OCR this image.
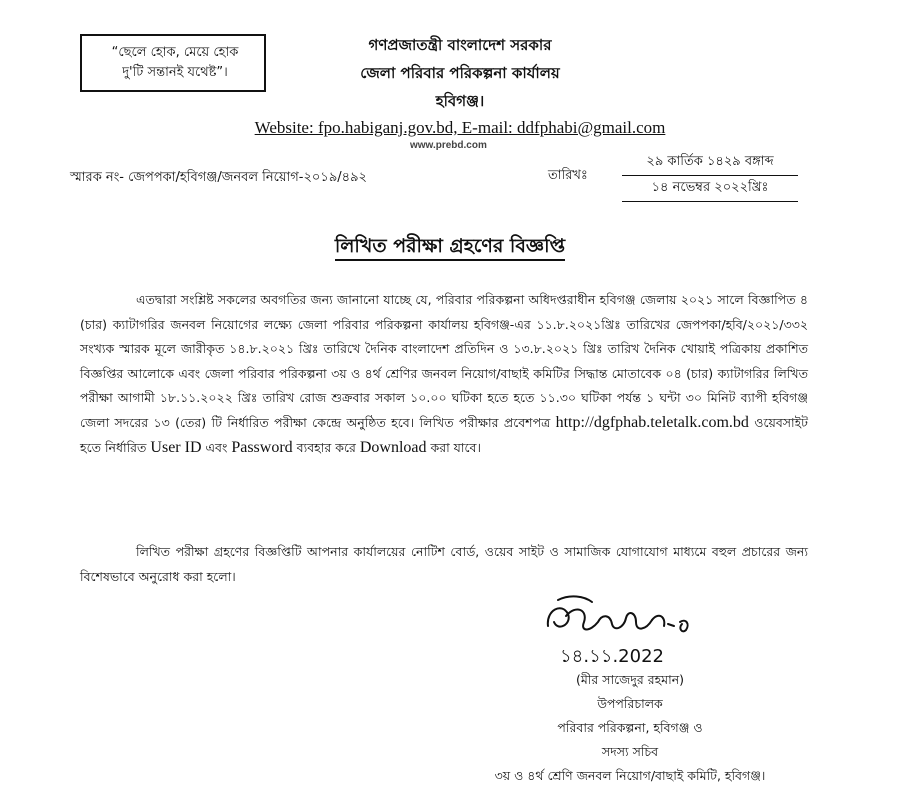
“ছেলে হোক, মেয়ে হোক
দু'টি সন্তানই যথেষ্ট”।
গণপ্রজাতন্ত্রী বাংলাদেশ সরকার
জেলা পরিবার পরিকল্পনা কার্যালয়
হবিগঞ্জ।
Website: fpo.habiganj.gov.bd, E-mail: ddfphabi@gmail.com
www.prebd.com
স্মারক নং- জেপপকা/হবিগঞ্জ/জনবল নিয়োগ-২০১৯/৪৯২	তারিখঃ
২৯ কার্তিক ১৪২৯ বঙ্গাব্দ
১৪ নভেম্বর ২০২২খ্রিঃ
লিখিত পরীক্ষা গ্রহণের বিজ্ঞপ্তি

এতদ্বারা সংশ্লিষ্ট সকলের অবগতির জন্য জানানো যাচ্ছে যে, পরিবার পরিকল্পনা অধিদপ্তরাধীন হবিগঞ্জ জেলায় ২০২১ সালে বিজ্ঞাপিত ৪ (চার) ক্যাটাগরির জনবল নিয়োগের লক্ষ্যে জেলা পরিবার পরিকল্পনা কার্যালয় হবিগঞ্জ-এর ১১.৮.২০২১খ্রিঃ তারিখের জেপপকা/হবি/২০২১/৩৩২ সংখ্যক স্মারক মূলে জারীকৃত ১৪.৮.২০২১ খ্রিঃ তারিখে দৈনিক বাংলাদেশ প্রতিদিন ও ১৩.৮.২০২১ খ্রিঃ তারিখ দৈনিক খোয়াই পত্রিকায় প্রকাশিত বিজ্ঞপ্তির আলোকে এবং জেলা পরিবার পরিকল্পনা ৩য় ও ৪র্থ শ্রেণির জনবল নিয়োগ/বাছাই কমিটির সিদ্ধান্ত মোতাবেক ০৪ (চার) ক্যাটাগরির লিখিত পরীক্ষা আগামী ১৮.১১.২০২২ খ্রিঃ তারিখ রোজ শুক্রবার সকাল ১০.০০ ঘটিকা হতে হতে ১১.৩০ ঘটিকা পর্যন্ত ১ ঘন্টা ৩০ মিনিট ব্যাপী হবিগঞ্জ জেলা সদরের ১৩ (তের) টি নির্ধারিত পরীক্ষা কেন্দ্রে অনুষ্ঠিত হবে। লিখিত পরীক্ষার প্রবেশপত্র http://dgfphab.teletalk.com.bd ওয়েবসাইট হতে নির্ধারিত User ID এবং Password ব্যবহার করে Download করা যাবে।

লিখিত পরীক্ষা গ্রহণের বিজ্ঞপ্তিটি আপনার কার্যালয়ের নোটিশ বোর্ড, ওয়েব সাইট ও সামাজিক যোগাযোগ মাধ্যমে বহুল প্রচারের জন্য বিশেষভাবে অনুরোধ করা হলো।

১৪.১১.2022
(মীর সাজেদুর রহমান)
উপপরিচালক
পরিবার পরিকল্পনা, হবিগঞ্জ ও
সদস্য সচিব
৩য় ও ৪র্থ শ্রেণি জনবল নিয়োগ/বাছাই কমিটি, হবিগঞ্জ।
